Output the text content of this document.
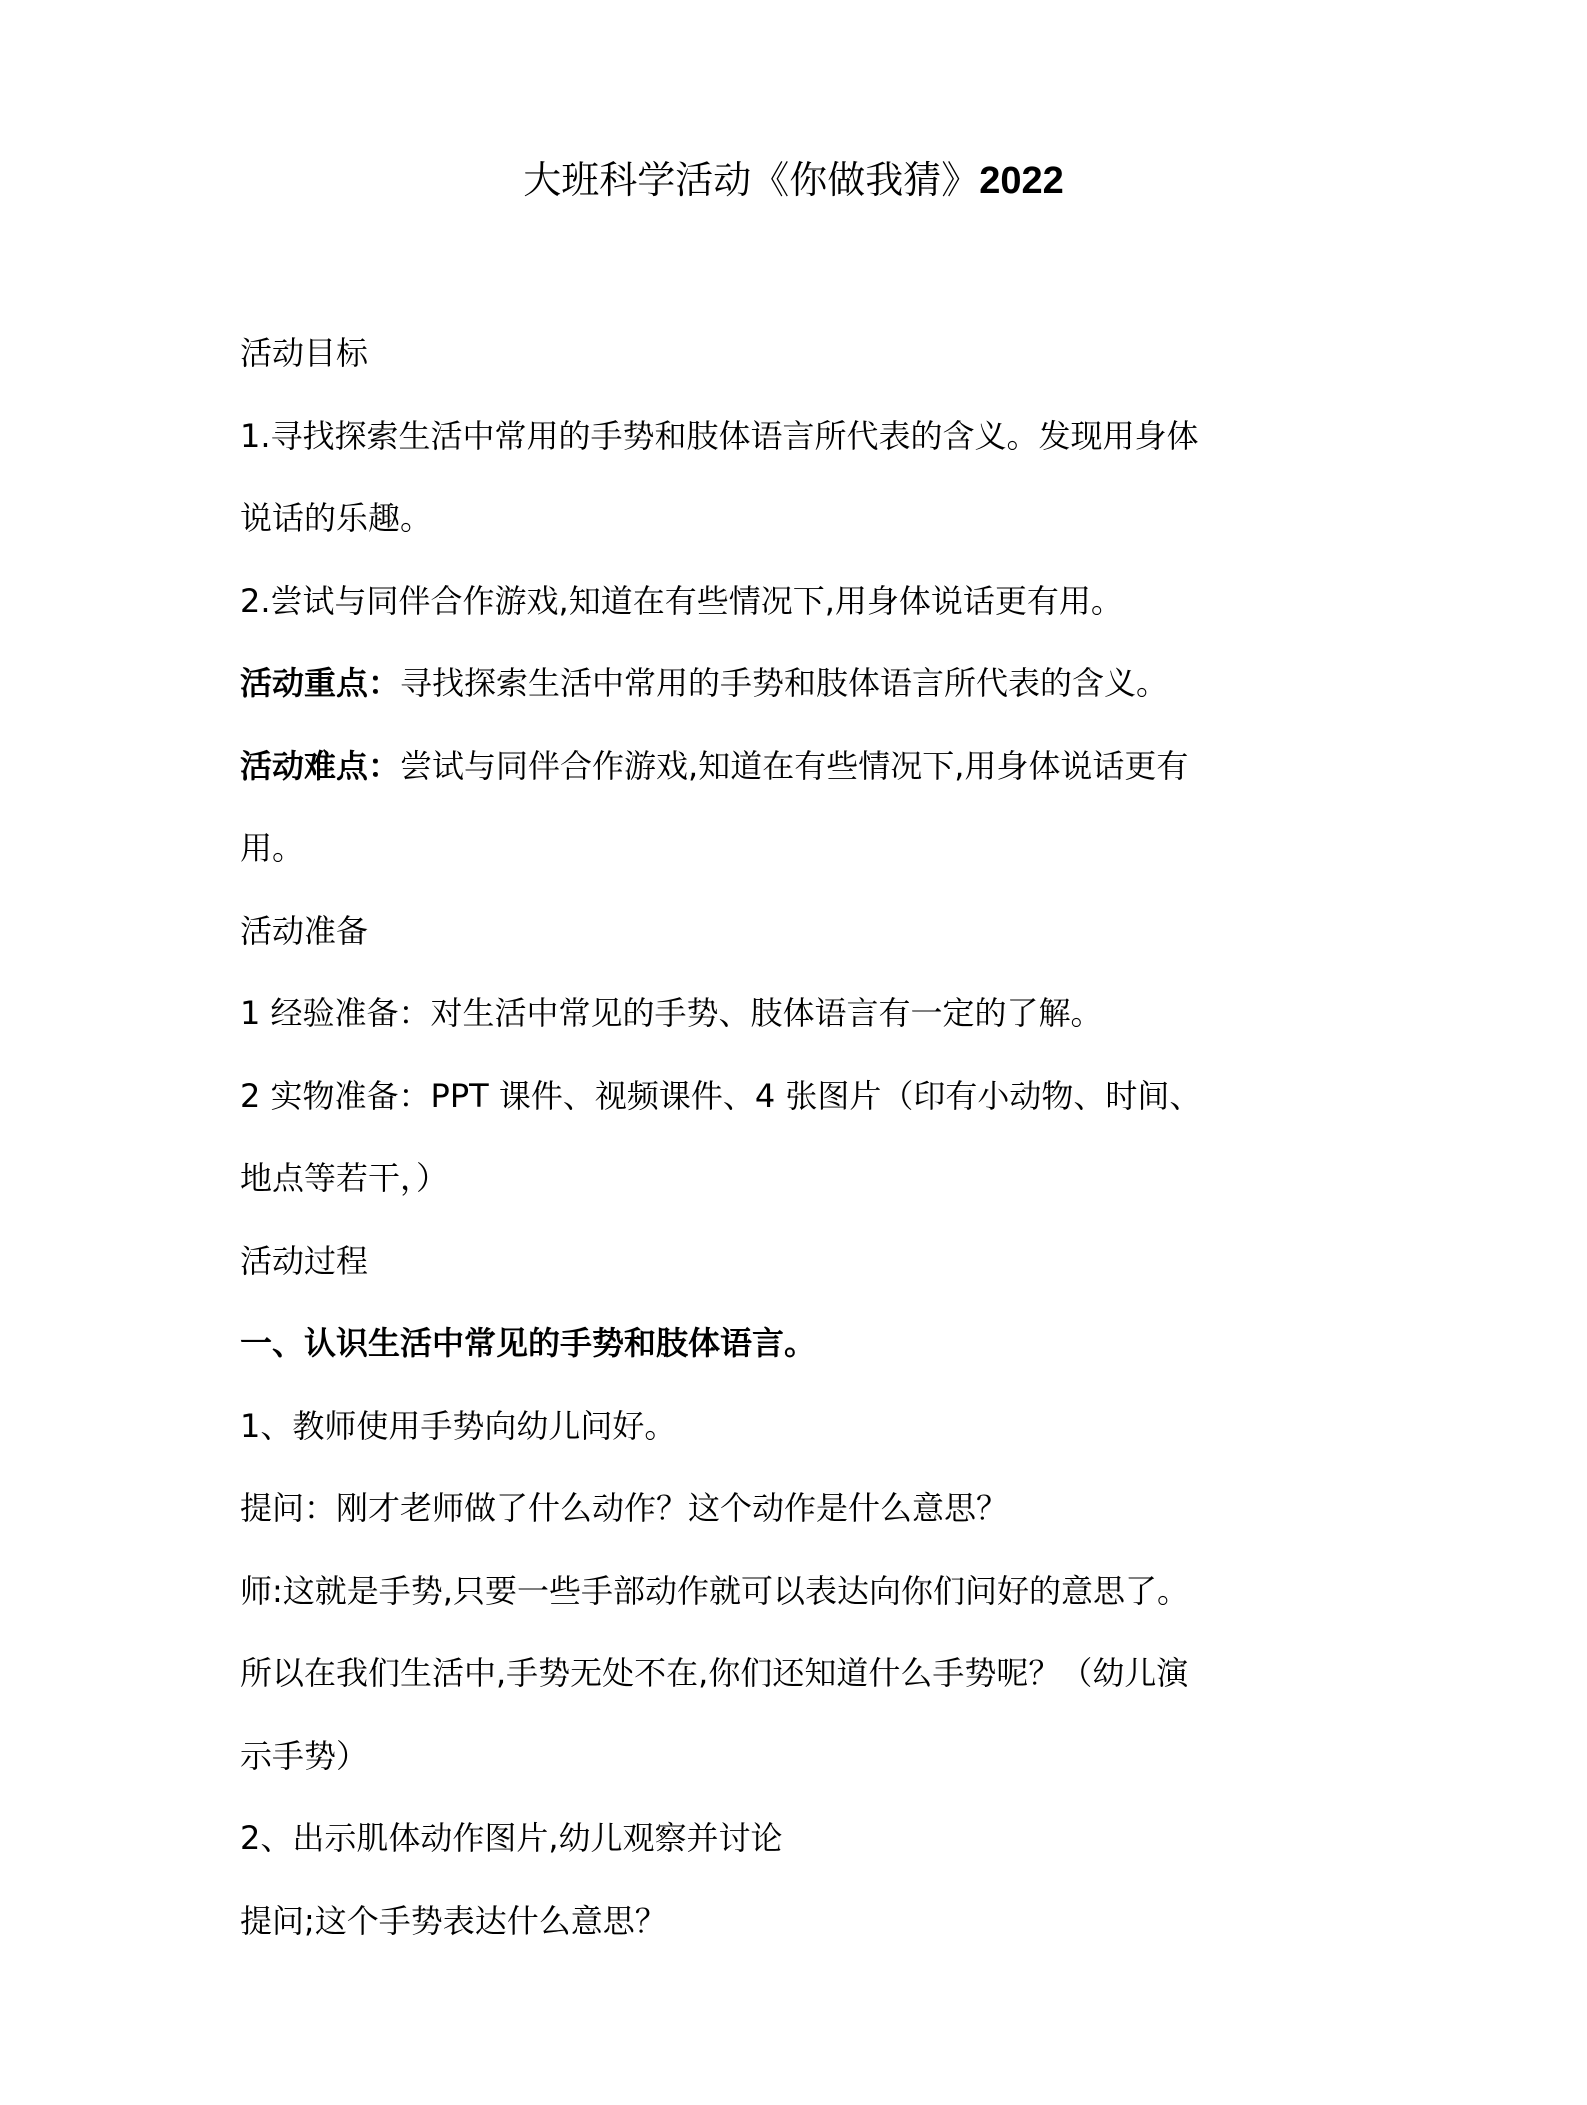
大班科学活动《你做我猜》2022
活动目标
1.寻找探索生活中常用的手势和肢体语言所代表的含义。发现用身体
说话的乐趣。
2.尝试与同伴合作游戏,知道在有些情况下,用身体说话更有用。
活动重点：寻找探索生活中常用的手势和肢体语言所代表的含义。
活动难点：尝试与同伴合作游戏,知道在有些情况下,用身体说话更有
用。
活动准备
1 经验准备：对生活中常见的手势、肢体语言有一定的了解。
2 实物准备：PPT 课件、视频课件、4 张图片（印有小动物、时间、
地点等若干，）
活动过程
一、认识生活中常见的手势和肢体语言。
1、教师使用手势向幼儿问好。
提问：刚才老师做了什么动作？这个动作是什么意思？
师:这就是手势,只要一些手部动作就可以表达向你们问好的意思了。
所以在我们生活中,手势无处不在,你们还知道什么手势呢？（幼儿演
示手势）
2、出示肌体动作图片,幼儿观察并讨论
提问;这个手势表达什么意思？
